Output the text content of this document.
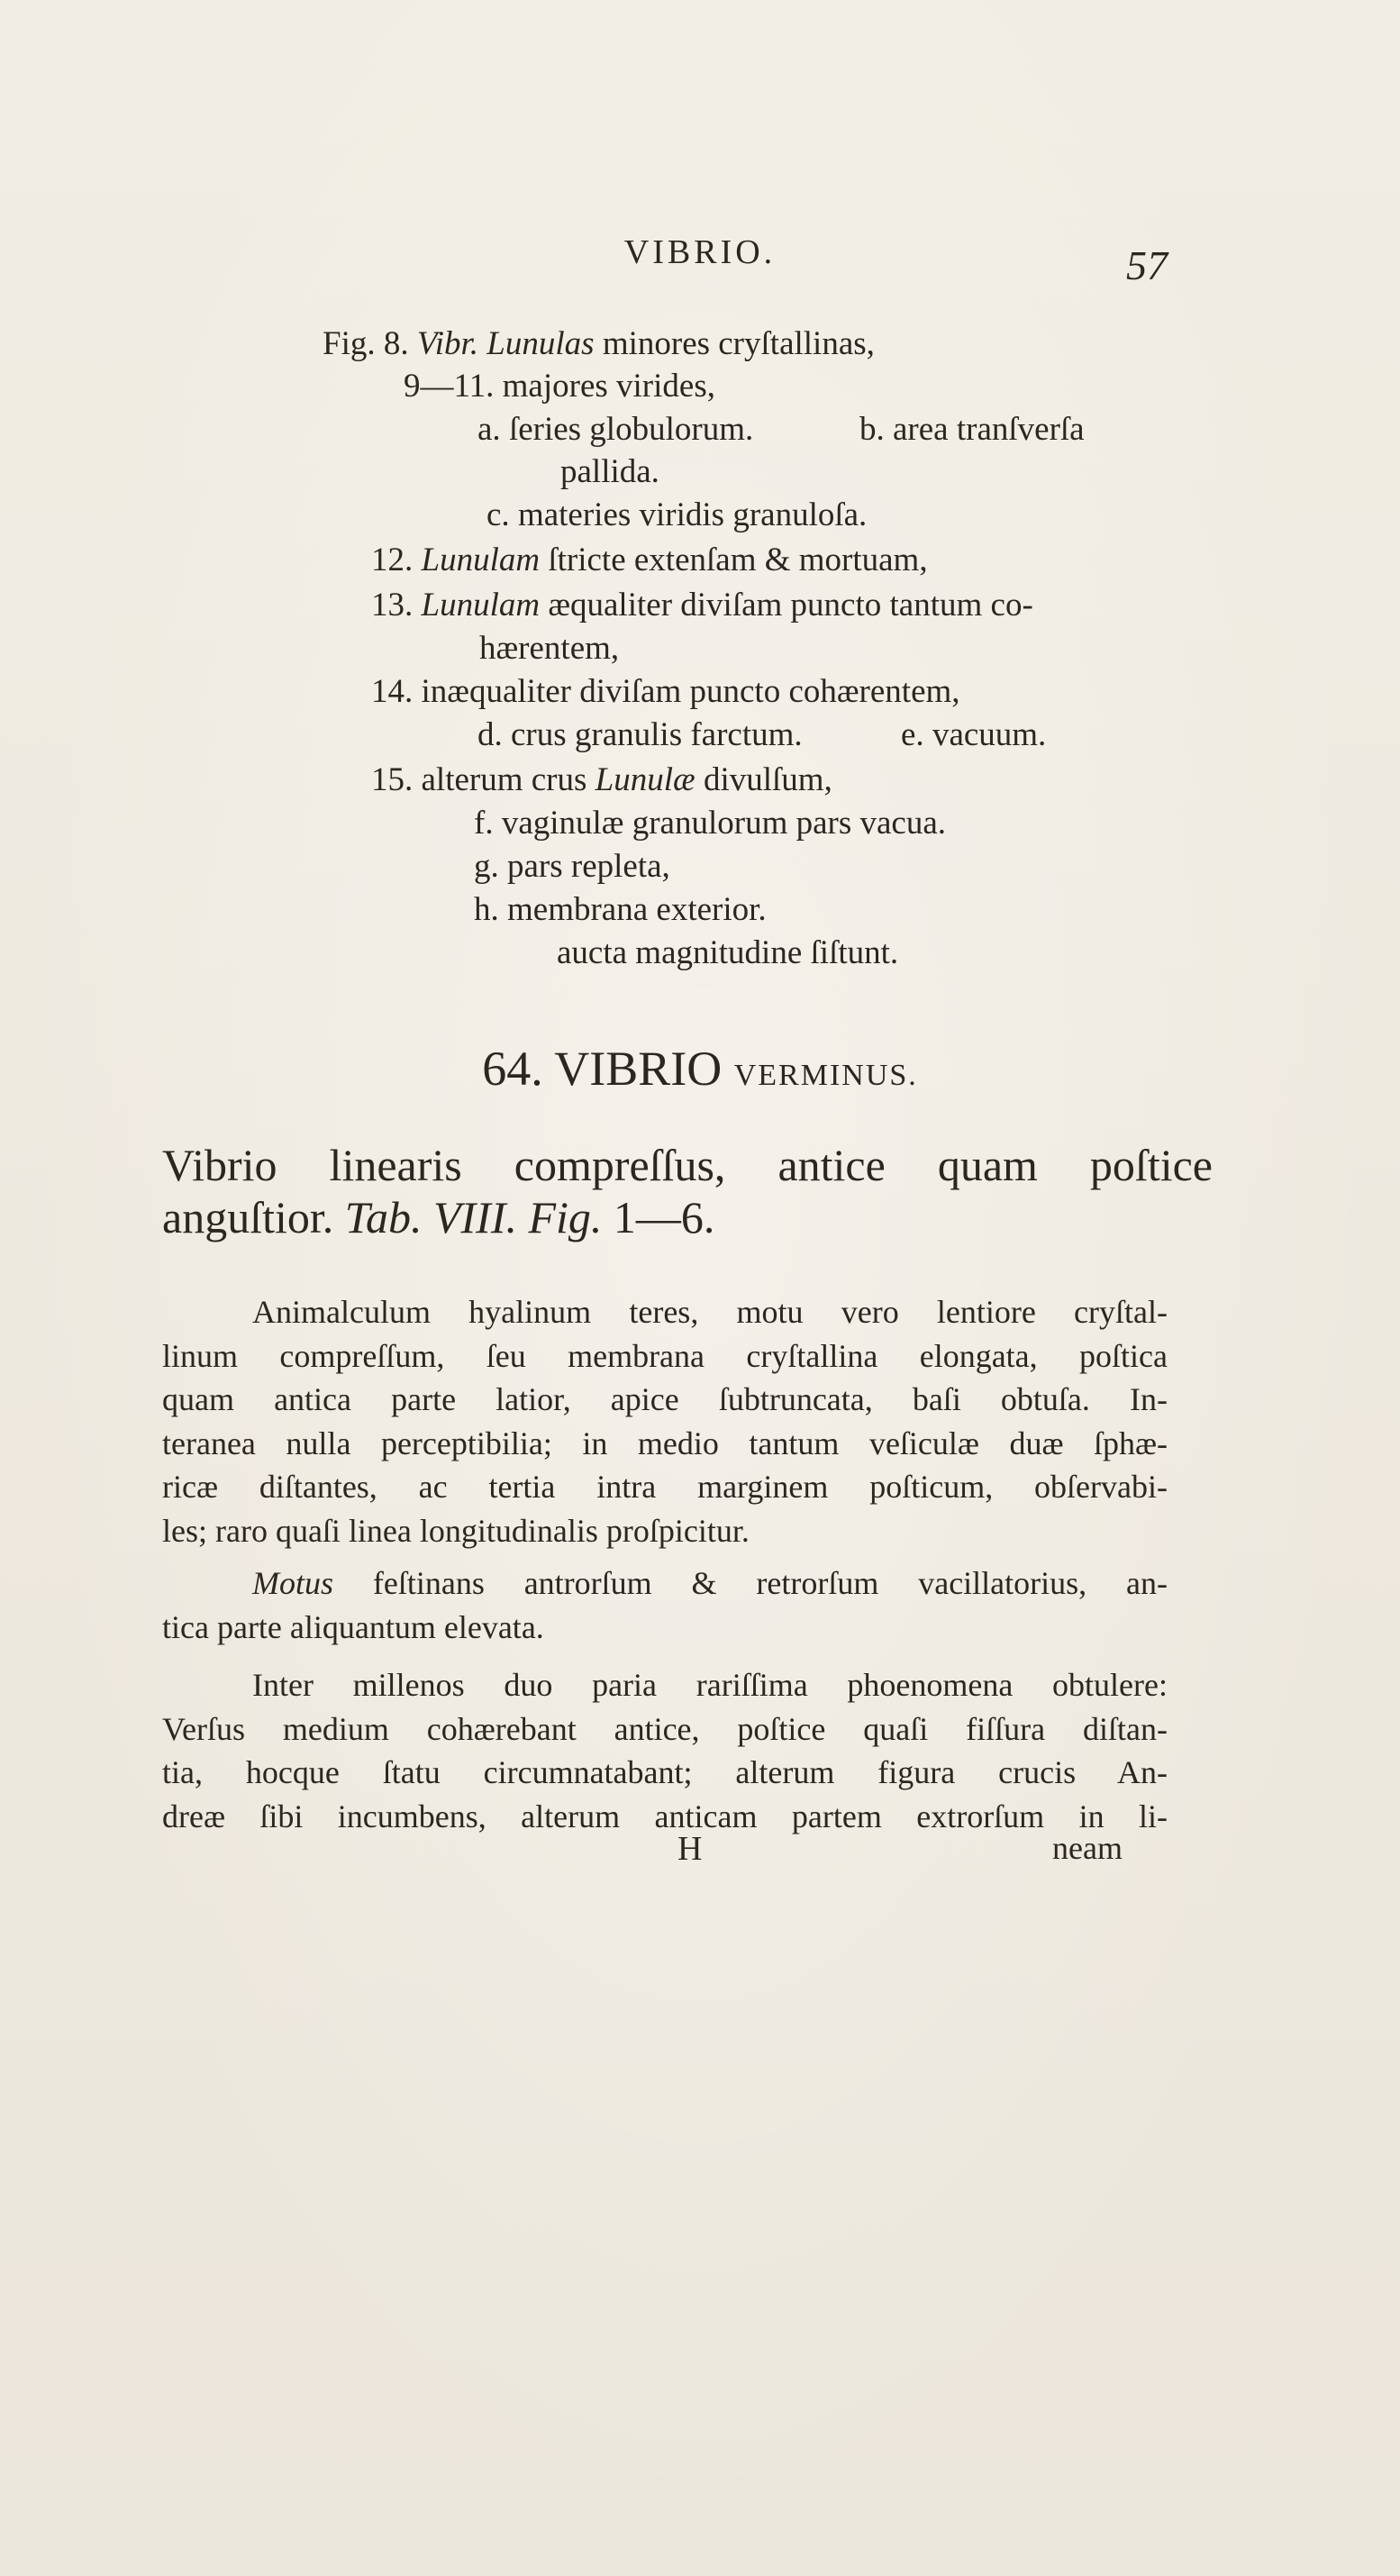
VIBRIO.	57
Fig. 8. Vibr. Lunulas minores cryſtallinas,
9—11. majores virides,
a. ſeries globulorum.	b. area tranſverſa
pallida.
c. materies viridis granuloſa.
12. Lunulam ſtricte extenſam & mortuam,
13. Lunulam æqualiter diviſam puncto tantum co-
hærentem,
14. inæqualiter diviſam puncto cohærentem,
d. crus granulis farctum.	e. vacuum.
15. alterum crus Lunulæ divulſum,
f. vaginulæ granulorum pars vacua.
g. pars repleta,
h. membrana exterior.
aucta magnitudine ſiſtunt.
64. VIBRIO VERMINUS.
Vibrio linearis compreſſus, antice quam poſtice
anguſtior. Tab. VIII. Fig. 1—6.
Animalculum hyalinum teres, motu vero lentiore cryſtal-
linum compreſſum, ſeu membrana cryſtallina elongata, poſtica
quam antica parte latior, apice ſubtruncata, baſi obtuſa. In-
teranea nulla perceptibilia; in medio tantum veſiculæ duæ ſphæ-
ricæ diſtantes, ac tertia intra marginem poſticum, obſervabi-
les; raro quaſi linea longitudinalis proſpicitur.
Motus feſtinans antrorſum & retrorſum vacillatorius, an-
tica parte aliquantum elevata.
Inter millenos duo paria rariſſima phoenomena obtulere:
Verſus medium cohærebant antice, poſtice quaſi fiſſura diſtan-
tia, hocque ſtatu circumnatabant; alterum figura crucis An-
dreæ ſibi incumbens, alterum anticam partem extrorſum in li-
H	neam
